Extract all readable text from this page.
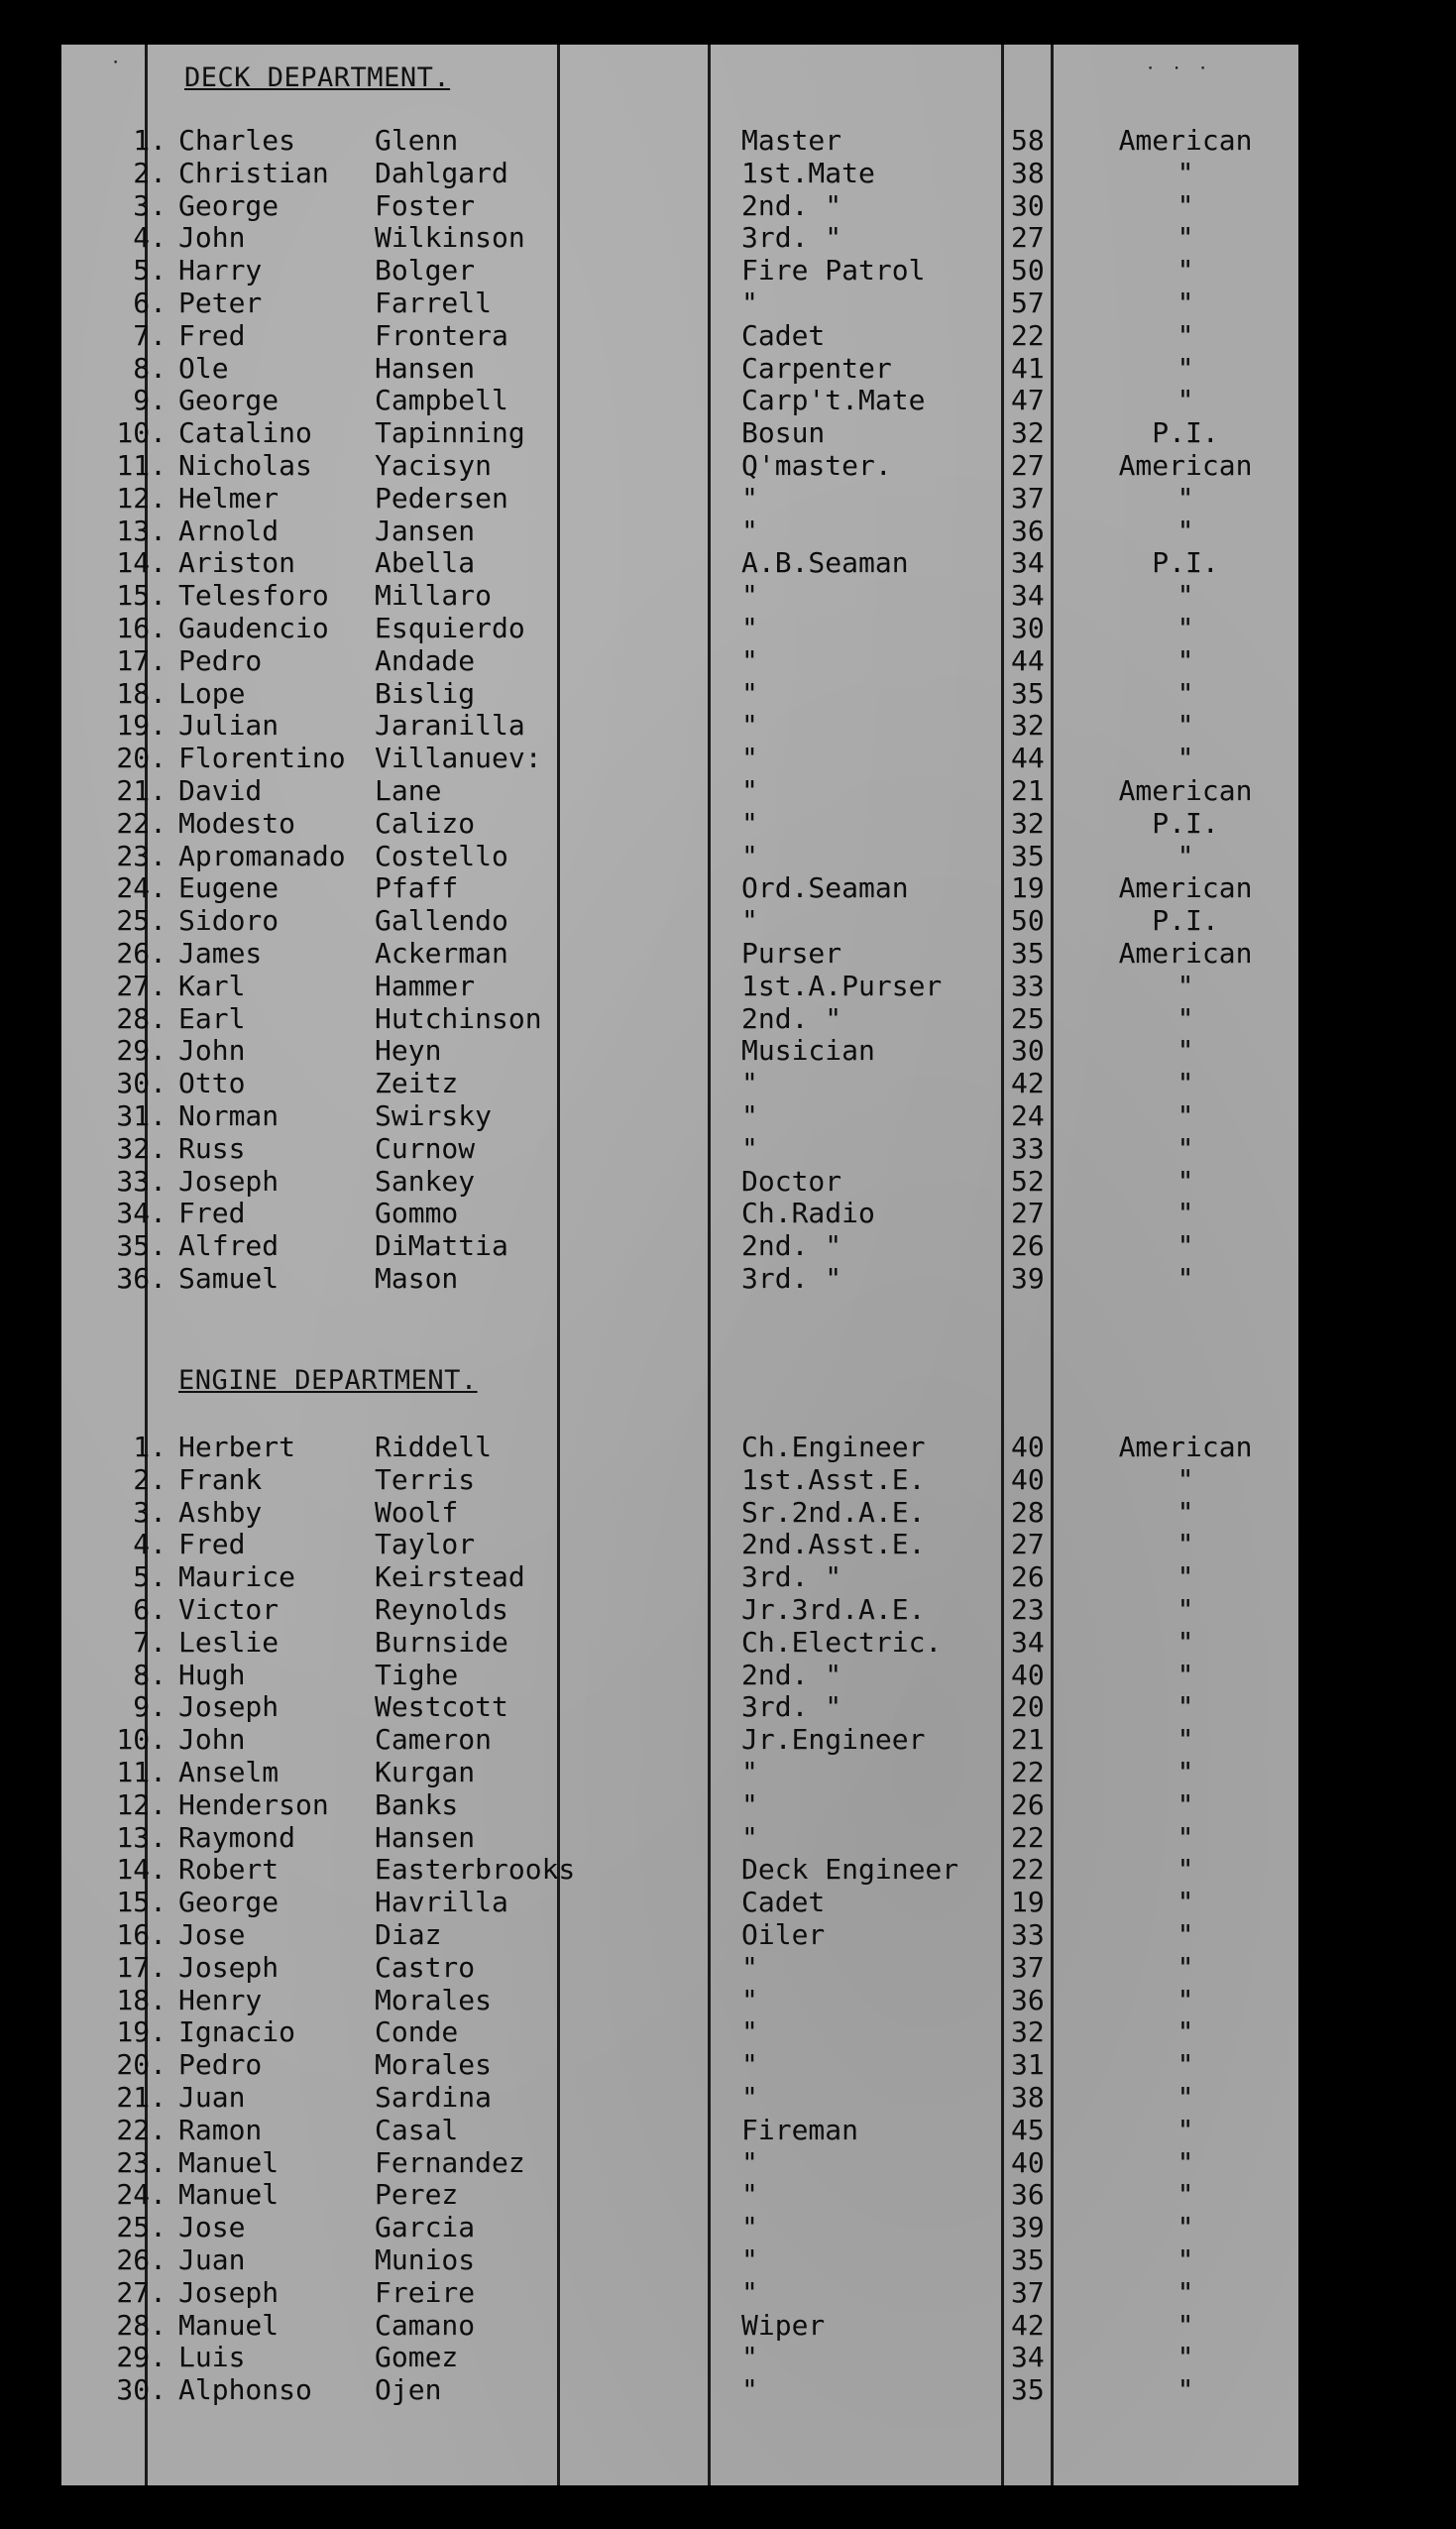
˙	˙ ˙ ˙
DECK DEPARTMENT.
1. Charles	Glenn	Master	58	American
2. Christian Dahlgard	1st.Mate	38	"
3. George	Foster	2nd. "	30	"
4. John	Wilkinson	3rd. "	27	"
5. Harry	Bolger	Fire Patrol	50	"
6. Peter	Farrell	"	57	"
7. Fred	Frontera	Cadet	22	"
8. Ole	Hansen	Carpenter	41	"
9. George	Campbell	Carp't.Mate	47	"
10. Catalino Tapinning	Bosun	32	P.I.
11. Nicholas Yacisyn	Q'master.	27	American
12. Helmer	Pedersen	"	37	"
13. Arnold	Jansen	"	36	"
14. Ariston	Abella	A.B.Seaman	34	P.I.
15. Telesforo Millaro	"	34	"
16. Gaudencio Esquierdo	"	30	"
17. Pedro	Andade	"	44	"
18. Lope	Bislig	"	35	"
19. Julian	Jaranilla	"	32	"
20. Florentino Villanuev:	"	44	"
21. David	Lane	"	21	American
22. Modesto	Calizo	"	32	P.I.
23. Apromanado Costello	"	35	"
24. Eugene	Pfaff	Ord.Seaman	19	American
25. Sidoro	Gallendo	"	50	P.I.
26. James	Ackerman	Purser	35	American
27. Karl	Hammer	1st.A.Purser 33	"
28. Earl	Hutchinson	2nd. "	25	"
29. John	Heyn	Musician	30	"
30. Otto	Zeitz	"	42	"
31. Norman	Swirsky	"	24	"
32. Russ	Curnow	"	33	"
33. Joseph	Sankey	Doctor	52	"
34. Fred	Gommo	Ch.Radio	27	"
35. Alfred	DiMattia	2nd. "	26	"
36. Samuel	Mason	3rd. "	39	"
ENGINE DEPARTMENT.
1. Herbert	Riddell	Ch.Engineer	40	American
2. Frank	Terris	1st.Asst.E.	40	"
3. Ashby	Woolf	Sr.2nd.A.E.	28	"
4. Fred	Taylor	2nd.Asst.E.	27	"
5. Maurice	Keirstead	3rd. "	26	"
6. Victor	Reynolds	Jr.3rd.A.E.	23	"
7. Leslie	Burnside	Ch.Electric. 34	"
8. Hugh	Tighe	2nd. "	40	"
9. Joseph	Westcott	3rd. "	20	"
10. John	Cameron	Jr.Engineer	21	"
11. Anselm	Kurgan	"	22	"
12. Henderson Banks	"	26	"
13. Raymond	Hansen	"	22	"
14. Robert	Easterbrooks	Deck Engineer 22	"
15. George	Havrilla	Cadet	19	"
16. Jose	Diaz	Oiler	33	"
17. Joseph	Castro	"	37	"
18. Henry	Morales	"	36	"
19. Ignacio	Conde	"	32	"
20. Pedro	Morales	"	31	"
21. Juan	Sardina	"	38	"
22. Ramon	Casal	Fireman	45	"
23. Manuel	Fernandez	"	40	"
24. Manuel	Perez	"	36	"
25. Jose	Garcia	"	39	"
26. Juan	Munios	"	35	"
27. Joseph	Freire	"	37	"
28. Manuel	Camano	Wiper	42	"
29. Luis	Gomez	"	34	"
30. Alphonso Ojen	"	35	"
